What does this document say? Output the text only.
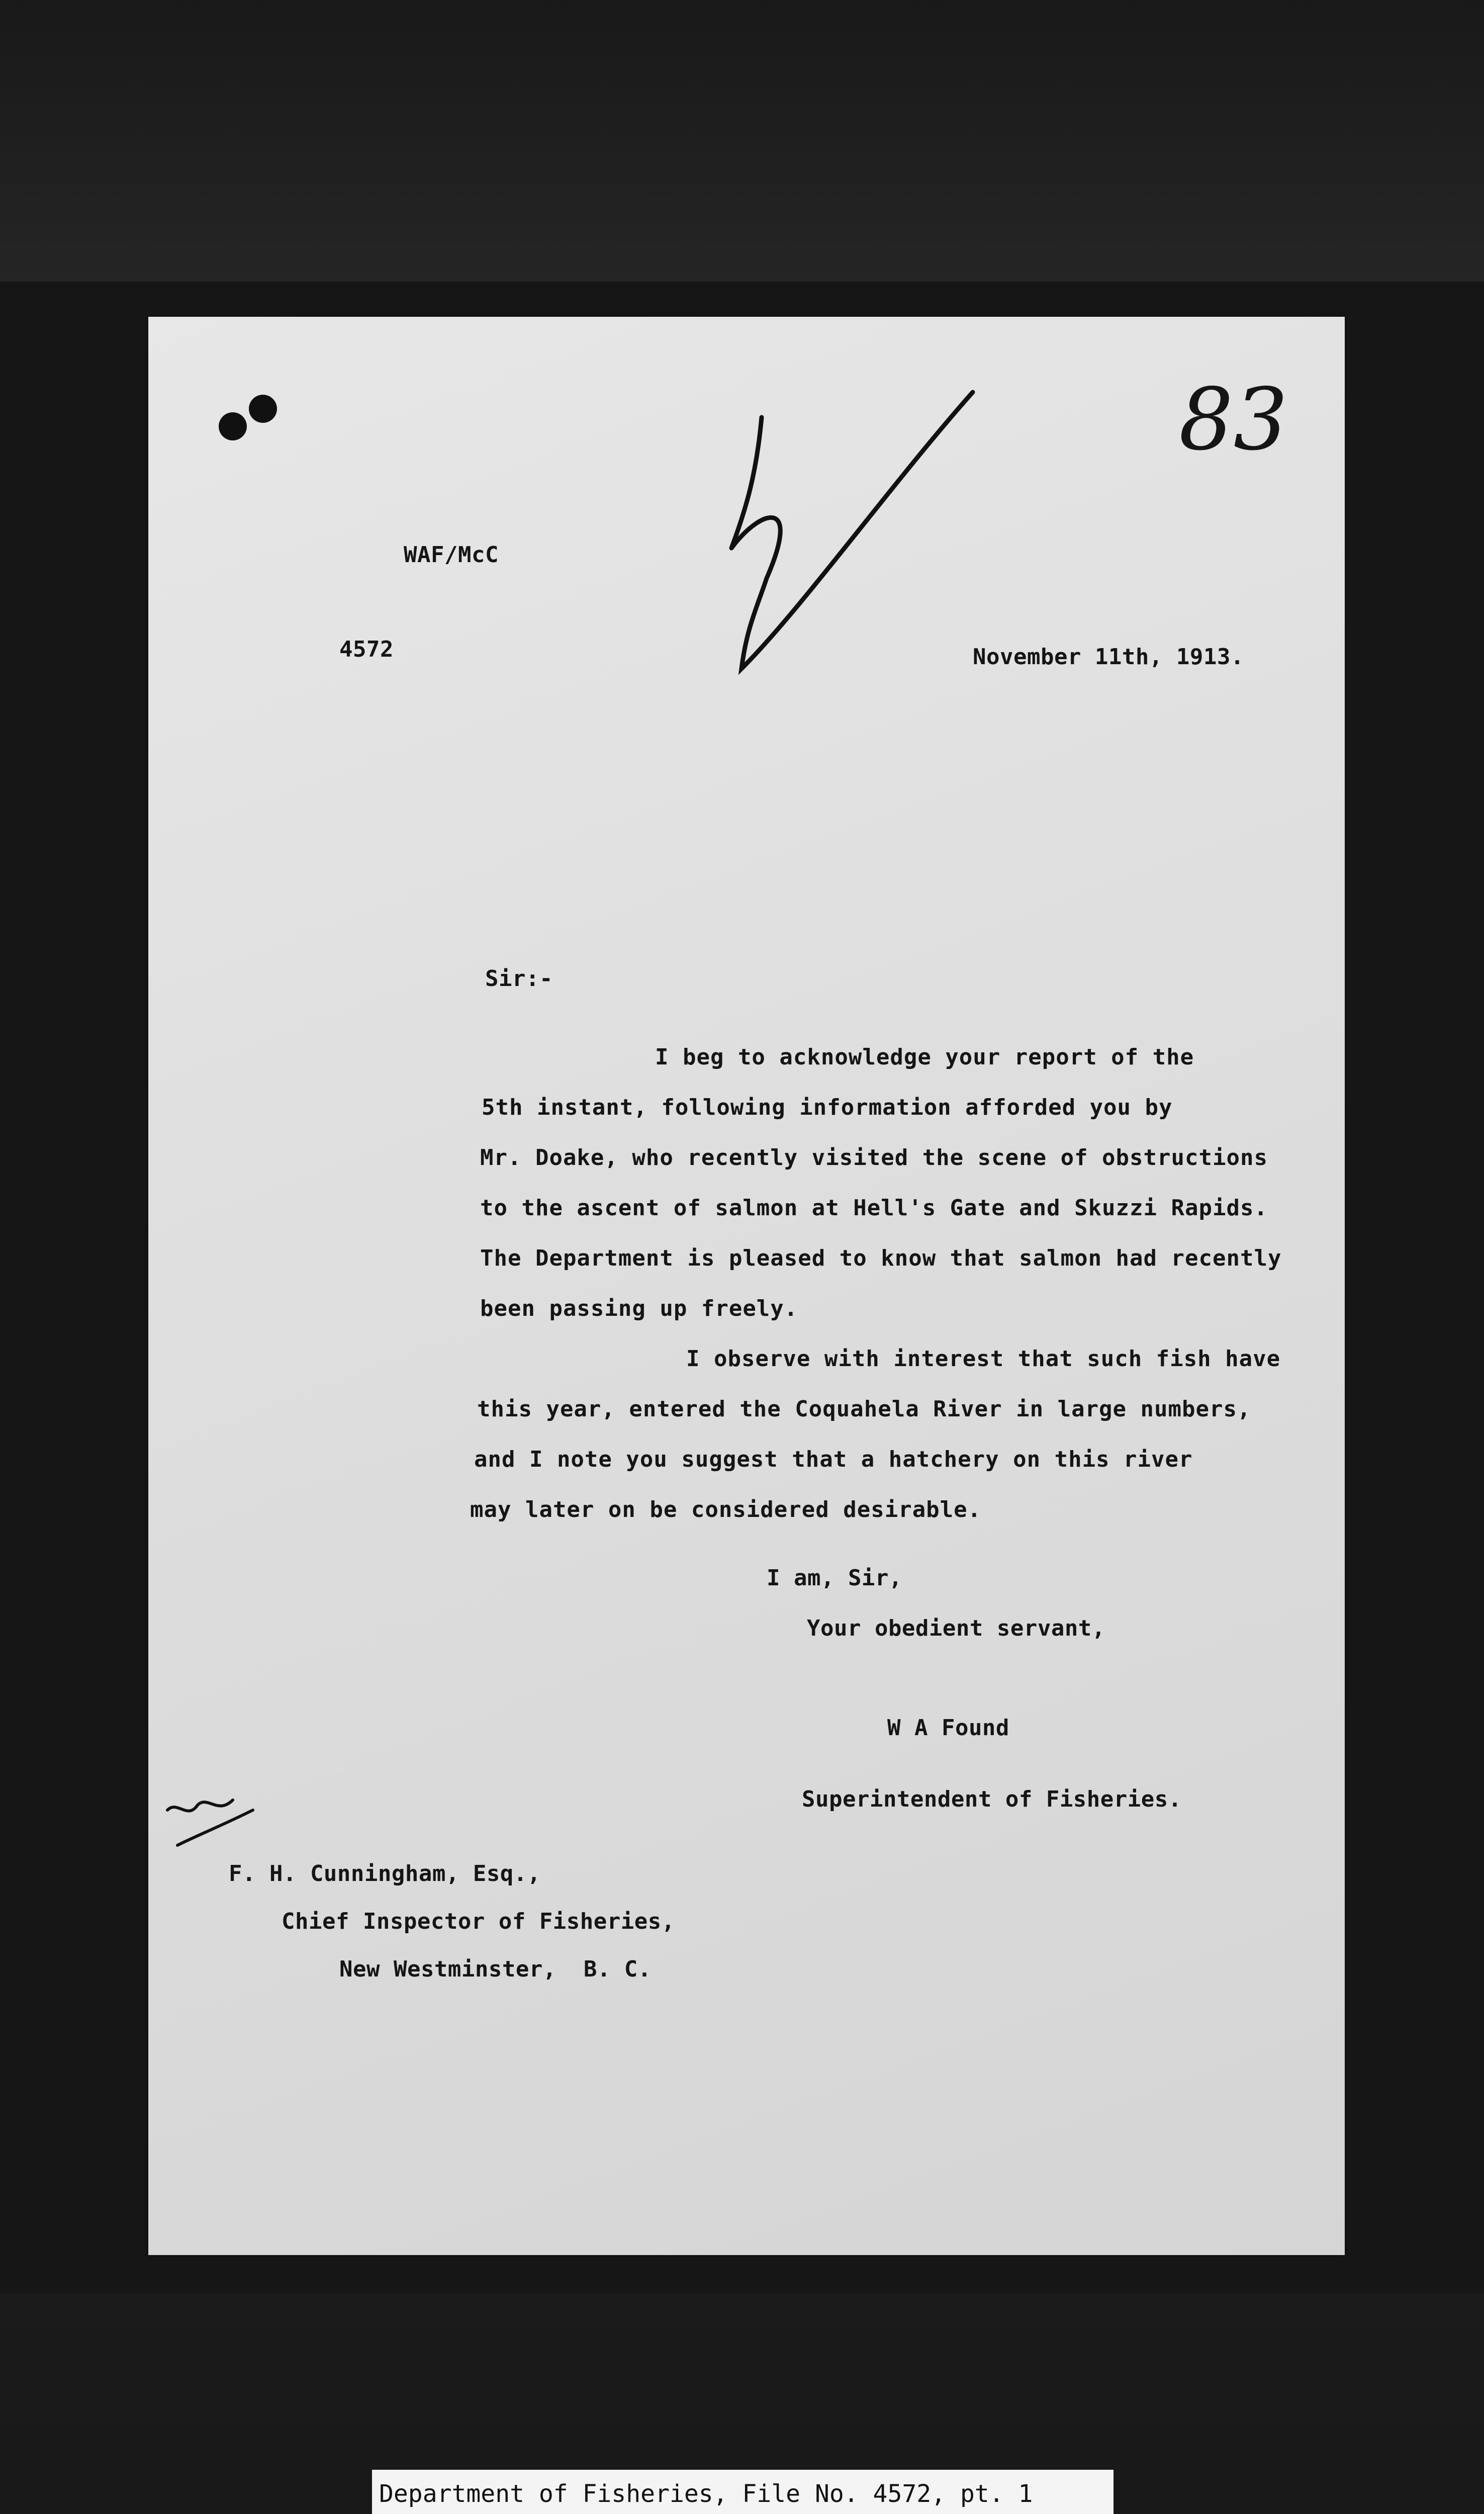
WAF/McC
4572	November 11th, 1913.
83
Sir:-
I beg to acknowledge your report of the
5th instant, following information afforded you by
Mr. Doake, who recently visited the scene of obstructions
to the ascent of salmon at Hell's Gate and Skuzzi Rapids.
The Department is pleased to know that salmon had recently
been passing up freely.
I observe with interest that such fish have
this year, entered the Coquahela River in large numbers,
and I note you suggest that a hatchery on this river
may later on be considered desirable.
I am, Sir,
Your obedient servant,
W A Found
Superintendent of Fisheries.
F. H. Cunningham, Esq.,
Chief Inspector of Fisheries,
New Westminster,  B. C.
Department of Fisheries, File No. 4572, pt. 1
